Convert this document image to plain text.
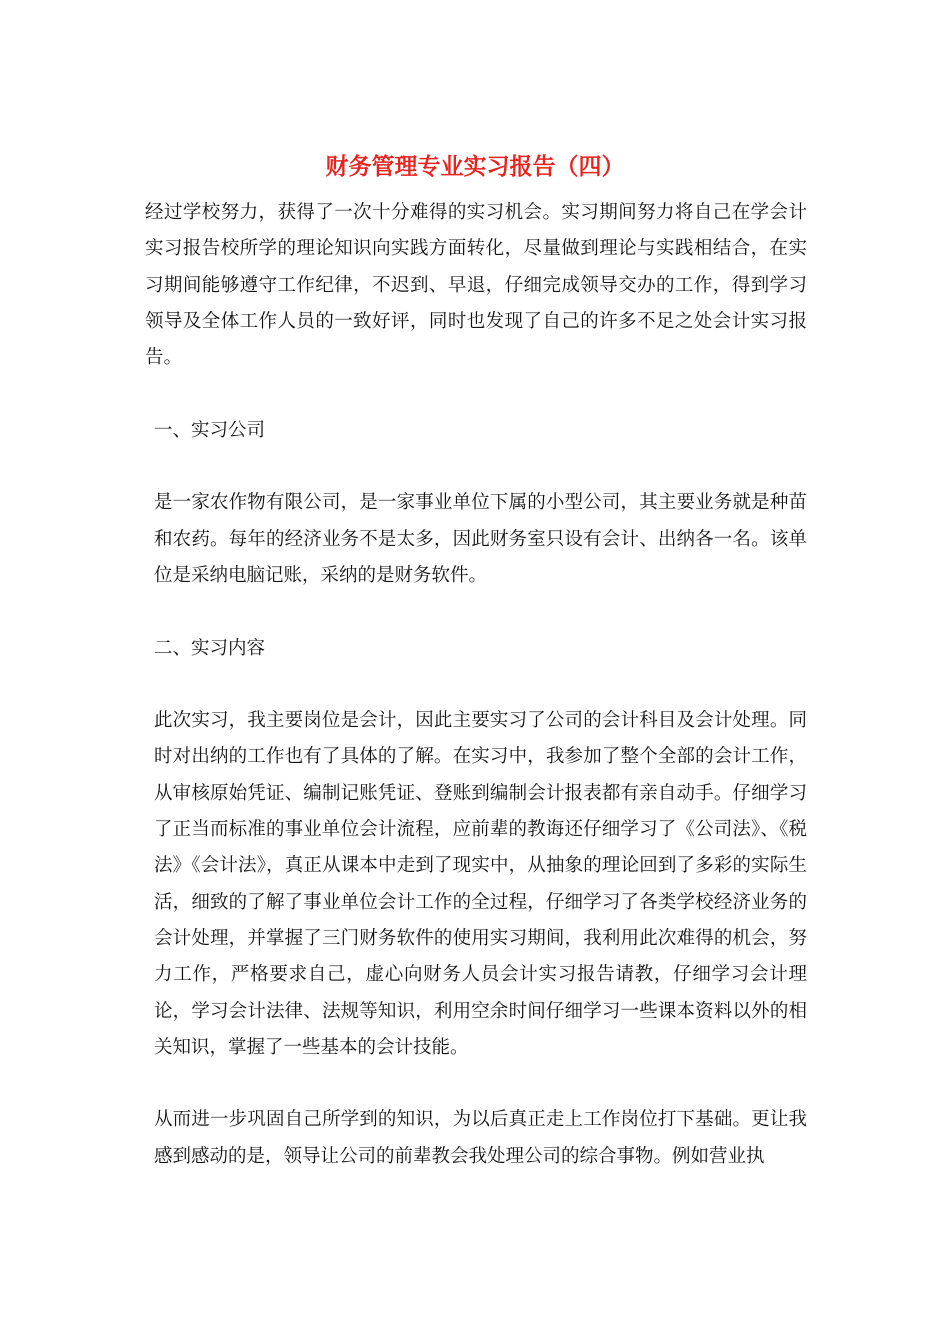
财务管理专业实习报告（四）

经过学校努力，获得了一次十分难得的实习机会。实习期间努力将自己在学会计实习报告校所学的理论知识向实践方面转化，尽量做到理论与实践相结合，在实习期间能够遵守工作纪律，不迟到、早退，仔细完成领导交办的工作，得到学习领导及全体工作人员的一致好评，同时也发现了自己的许多不足之处会计实习报告。

一、实习公司

是一家农作物有限公司，是一家事业单位下属的小型公司，其主要业务就是种苗和农药。每年的经济业务不是太多，因此财务室只设有会计、出纳各一名。该单位是采纳电脑记账，采纳的是财务软件。

二、实习内容

此次实习，我主要岗位是会计，因此主要实习了公司的会计科目及会计处理。同时对出纳的工作也有了具体的了解。在实习中，我参加了整个全部的会计工作，从审核原始凭证、编制记账凭证、登账到编制会计报表都有亲自动手。仔细学习了正当而标准的事业单位会计流程，应前辈的教诲还仔细学习了《公司法》、《税法》《会计法》，真正从课本中走到了现实中，从抽象的理论回到了多彩的实际生活，细致的了解了事业单位会计工作的全过程，仔细学习了各类学校经济业务的会计处理，并掌握了三门财务软件的使用实习期间，我利用此次难得的机会，努力工作，严格要求自己，虚心向财务人员会计实习报告请教，仔细学习会计理论，学习会计法律、法规等知识，利用空余时间仔细学习一些课本资料以外的相关知识，掌握了一些基本的会计技能。

从而进一步巩固自己所学到的知识，为以后真正走上工作岗位打下基础。更让我感到感动的是，领导让公司的前辈教会我处理公司的综合事物。例如营业执
